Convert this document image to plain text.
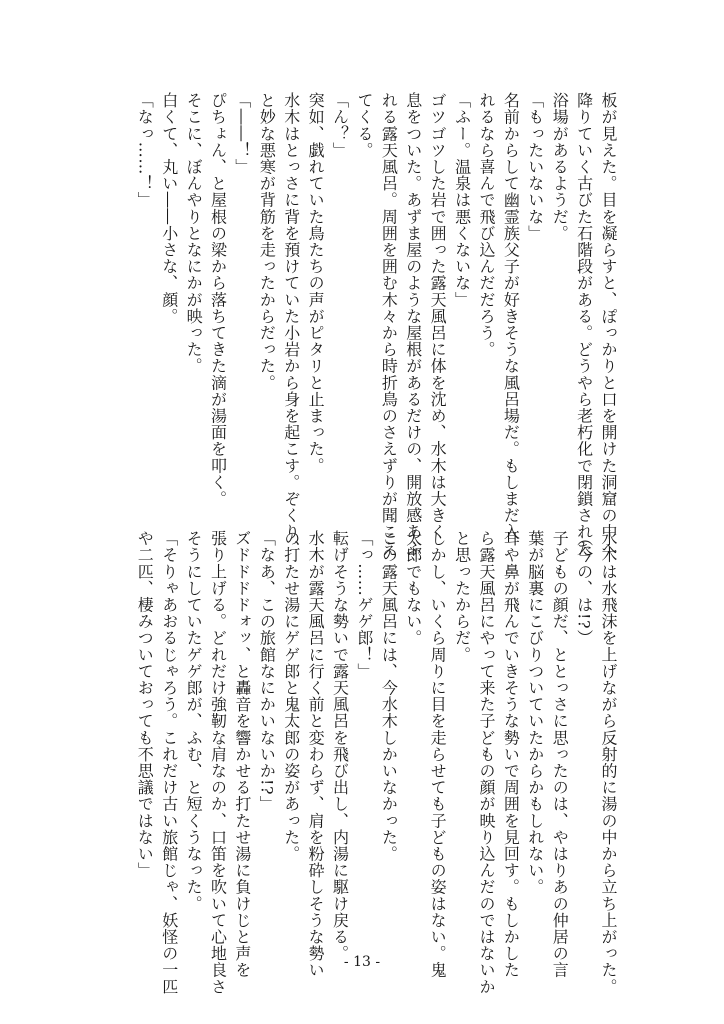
板が見えた。目を凝らすと、ぽっかりと口を開けた洞窟の中へ
降りていく古びた石階段がある。どうやら老朽化で閉鎖された
浴場があるようだ。
「もったいないな」
名前からして幽霊族父子が好きそうな風呂場だ。もしまだ入
れるなら喜んで飛び込んだだろう。
「ふー。温泉は悪くないな」
ゴツゴツした岩で囲った露天風呂に体を沈め、水木は大きく
息をついた。あずま屋のような屋根があるだけの、開放感あふ
れる露天風呂。周囲を囲む木々から時折鳥のさえずりが聞こえ
てくる。
「ん？」
突如、戯れていた鳥たちの声がピタリと止まった。
水木はとっさに背を預けていた小岩から身を起こす。ぞくり、
と妙な悪寒が背筋を走ったからだった。
「――！」
ぴちょん、と屋根の梁から落ちてきた滴が湯面を叩く。
そこに、ぼんやりとなにかが映った。
白くて、丸い――小さな、顔。
「なっ……！」
水木は水飛沫を上げながら反射的に湯の中から立ち上がった。
（今の、は!?）
子どもの顔だ、ととっさに思ったのは、やはりあの仲居の言
葉が脳裏にこびりついていたからかもしれない。
耳や鼻が飛んでいきそうな勢いで周囲を見回す。もしかした
ら露天風呂にやって来た子どもの顔が映り込んだのではないか
と思ったからだ。
しかし、いくら周りに目を走らせても子どもの姿はない。鬼
太郎でもない。
この露天風呂には、今水木しかいなかった。
「っ……ゲゲ郎！」
転げそうな勢いで露天風呂を飛び出し、内湯に駆け戻る。
水木が露天風呂に行く前と変わらず、肩を粉砕しそうな勢い
の打たせ湯にゲゲ郎と鬼太郎の姿があった。
「なあ、この旅館なにかいないか!?」
ズドドドドォッ、と轟音を響かせる打たせ湯に負けじと声を
張り上げる。どれだけ強靭な肩なのか、口笛を吹いて心地良さ
そうにしていたゲゲ郎が、ふむ、と短くうなった。
「そりゃあおるじゃろう。これだけ古い旅館じゃ、妖怪の一匹
や二匹、棲みついておっても不思議ではない」
- 13 -
